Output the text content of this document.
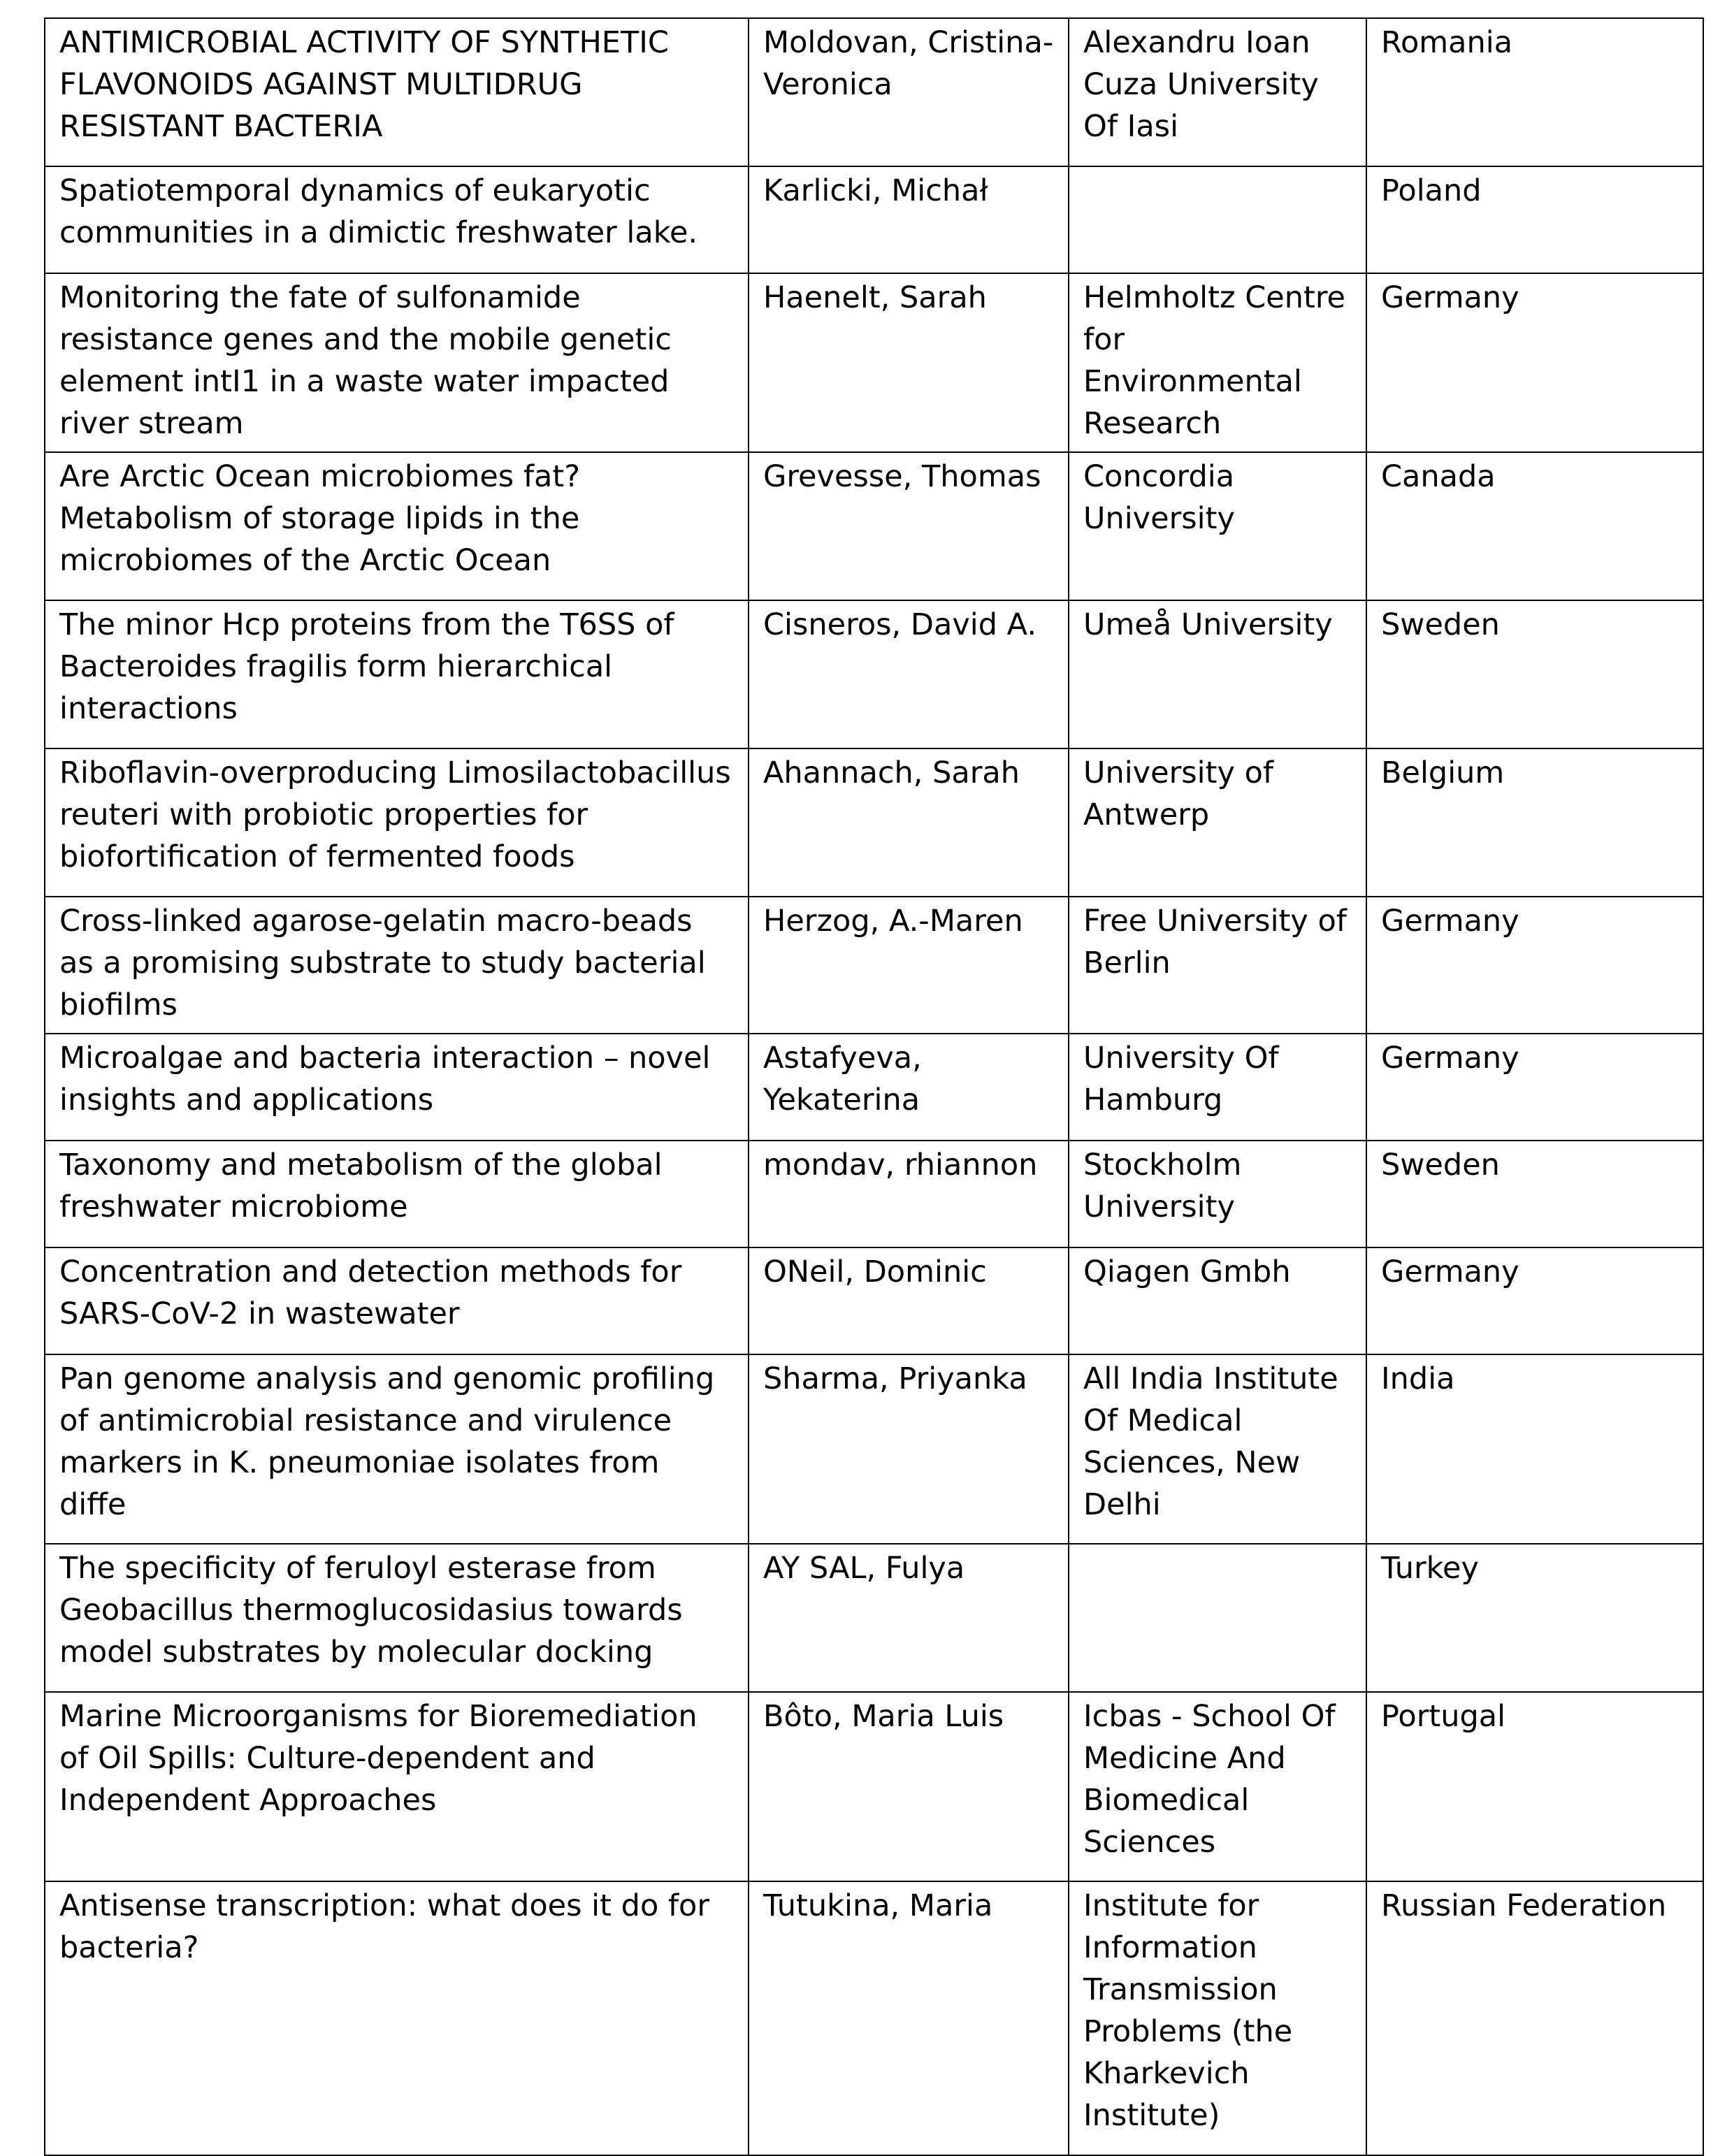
ANTIMICROBIAL ACTIVITY OF SYNTHETIC FLAVONOIDS AGAINST MULTIDRUG RESISTANT BACTERIA	Moldovan, Cristina-Veronica	Alexandru Ioan Cuza University Of Iasi	Romania
Spatiotemporal dynamics of eukaryotic communities in a dimictic freshwater lake.	Karlicki, Michał		Poland
Monitoring the fate of sulfonamide resistance genes and the mobile genetic element intI1 in a waste water impacted river stream	Haenelt, Sarah	Helmholtz Centre for Environmental Research	Germany
Are Arctic Ocean microbiomes fat? Metabolism of storage lipids in the microbiomes of the Arctic Ocean	Grevesse, Thomas	Concordia University	Canada
The minor Hcp proteins from the T6SS of Bacteroides fragilis form hierarchical interactions	Cisneros, David A.	Umeå University	Sweden
Riboflavin-overproducing Limosilactobacillus reuteri with probiotic properties for biofortification of fermented foods	Ahannach, Sarah	University of Antwerp	Belgium
Cross-linked agarose-gelatin macro-beads as a promising substrate to study bacterial biofilms	Herzog, A.-Maren	Free University of Berlin	Germany
Microalgae and bacteria interaction – novel insights and applications	Astafyeva, Yekaterina	University Of Hamburg	Germany
Taxonomy and metabolism of the global freshwater microbiome	mondav, rhiannon	Stockholm University	Sweden
Concentration and detection methods for SARS-CoV-2 in wastewater	ONeil, Dominic	Qiagen Gmbh	Germany
Pan genome analysis and genomic profiling of antimicrobial resistance and virulence markers in K. pneumoniae isolates from diffe	Sharma, Priyanka	All India Institute Of Medical Sciences, New Delhi	India
The specificity of feruloyl esterase from Geobacillus thermoglucosidasius towards model substrates by molecular docking	AY SAL, Fulya		Turkey
Marine Microorganisms for Bioremediation of Oil Spills: Culture-dependent and Independent Approaches	Bôto, Maria Luis	Icbas - School Of Medicine And Biomedical Sciences	Portugal
Antisense transcription: what does it do for bacteria?	Tutukina, Maria	Institute for Information Transmission Problems (the Kharkevich Institute)	Russian Federation
